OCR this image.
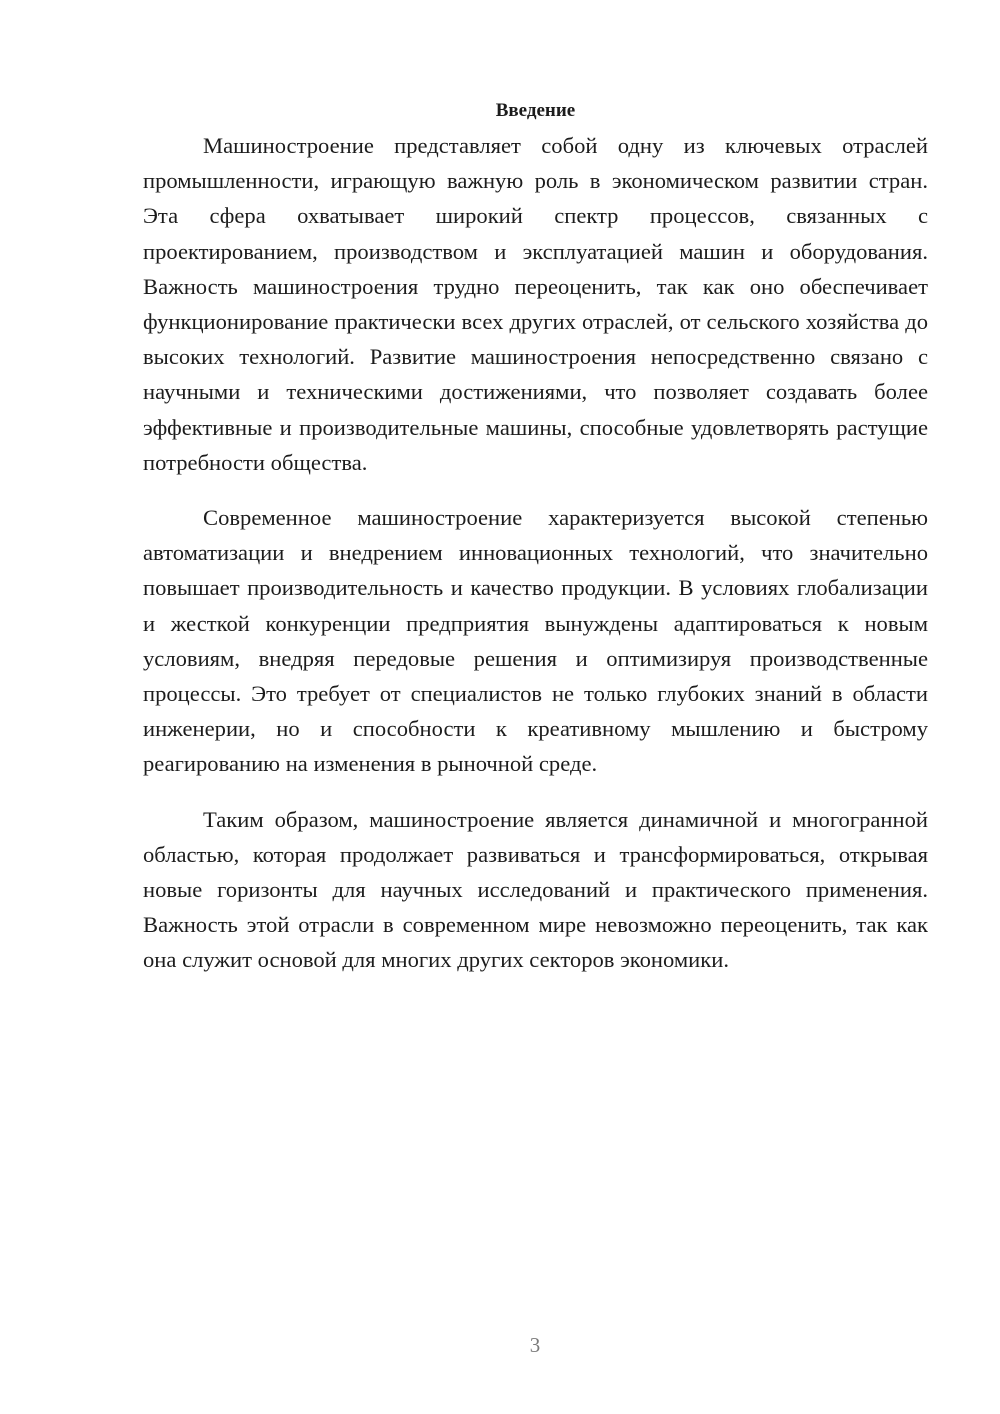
Введение

Машиностроение представляет собой одну из ключевых отраслей промышленности, играющую важную роль в экономическом развитии стран. Эта сфера охватывает широкий спектр процессов, связанных с проектированием, производством и эксплуатацией машин и оборудования. Важность машиностроения трудно переоценить, так как оно обеспечивает функционирование практически всех других отраслей, от сельского хозяйства до высоких технологий. Развитие машиностроения непосредственно связано с научными и техническими достижениями, что позволяет создавать более эффективные и производительные машины, способные удовлетворять растущие потребности общества.

Современное машиностроение характеризуется высокой степенью автоматизации и внедрением инновационных технологий, что значительно повышает производительность и качество продукции. В условиях глобализации и жесткой конкуренции предприятия вынуждены адаптироваться к новым условиям, внедряя передовые решения и оптимизируя производственные процессы. Это требует от специалистов не только глубоких знаний в области инженерии, но и способности к креативному мышлению и быстрому реагированию на изменения в рыночной среде.

Таким образом, машиностроение является динамичной и многогранной областью, которая продолжает развиваться и трансформироваться, открывая новые горизонты для научных исследований и практического применения. Важность этой отрасли в современном мире невозможно переоценить, так как она служит основой для многих других секторов экономики.

3
